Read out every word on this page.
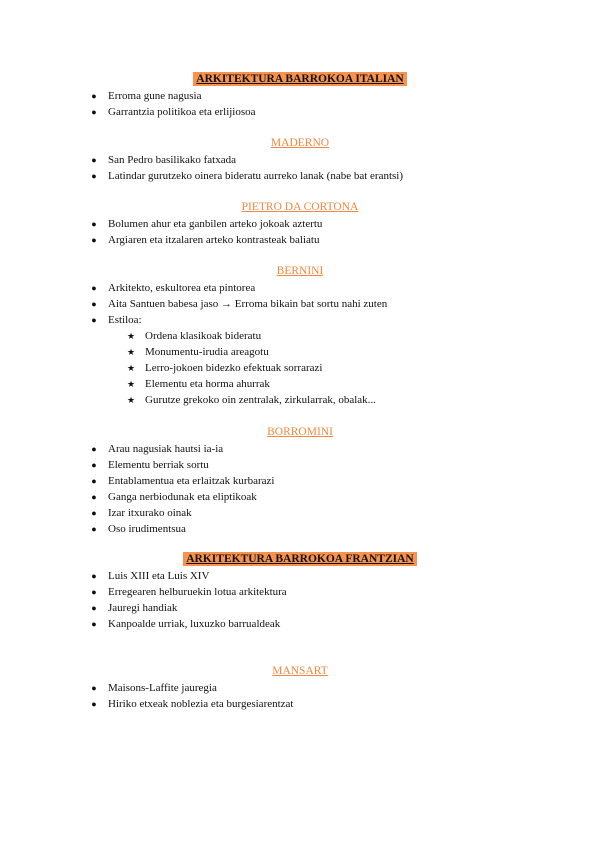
ARKITEKTURA BARROKOA ITALIAN
● Erroma gune nagusia
● Garrantzia politikoa eta erlijiosoa
MADERNO
● San Pedro basilikako fatxada
● Latindar gurutzeko oinera bideratu aurreko lanak (nabe bat erantsi)
PIETRO DA CORTONA
● Bolumen ahur eta ganbilen arteko jokoak aztertu
● Argiaren eta itzalaren arteko kontrasteak baliatu
BERNINI
● Arkitekto, eskultorea eta pintorea
● Aita Santuen babesa jaso → Erroma bikain bat sortu nahi zuten
● Estiloa:
★ Ordena klasikoak bideratu
★ Monumentu-irudia areagotu
★ Lerro-jokoen bidezko efektuak sorrarazi
★ Elementu eta horma ahurrak
★ Gurutze grekoko oin zentralak, zirkularrak, obalak...
BORROMINI
● Arau nagusiak hautsi ia-ia
● Elementu berriak sortu
● Entablamentua eta erlaitzak kurbarazi
● Ganga nerbiodunak eta eliptikoak
● Izar itxurako oinak
● Oso irudimentsua
ARKITEKTURA BARROKOA FRANTZIAN
● Luis XIII eta Luis XIV
● Erregearen helburuekin lotua arkitektura
● Jauregi handiak
● Kanpoalde urriak, luxuzko barrualdeak
MANSART
● Maisons-Laffite jauregia
● Hiriko etxeak noblezia eta burgesiarentzat
